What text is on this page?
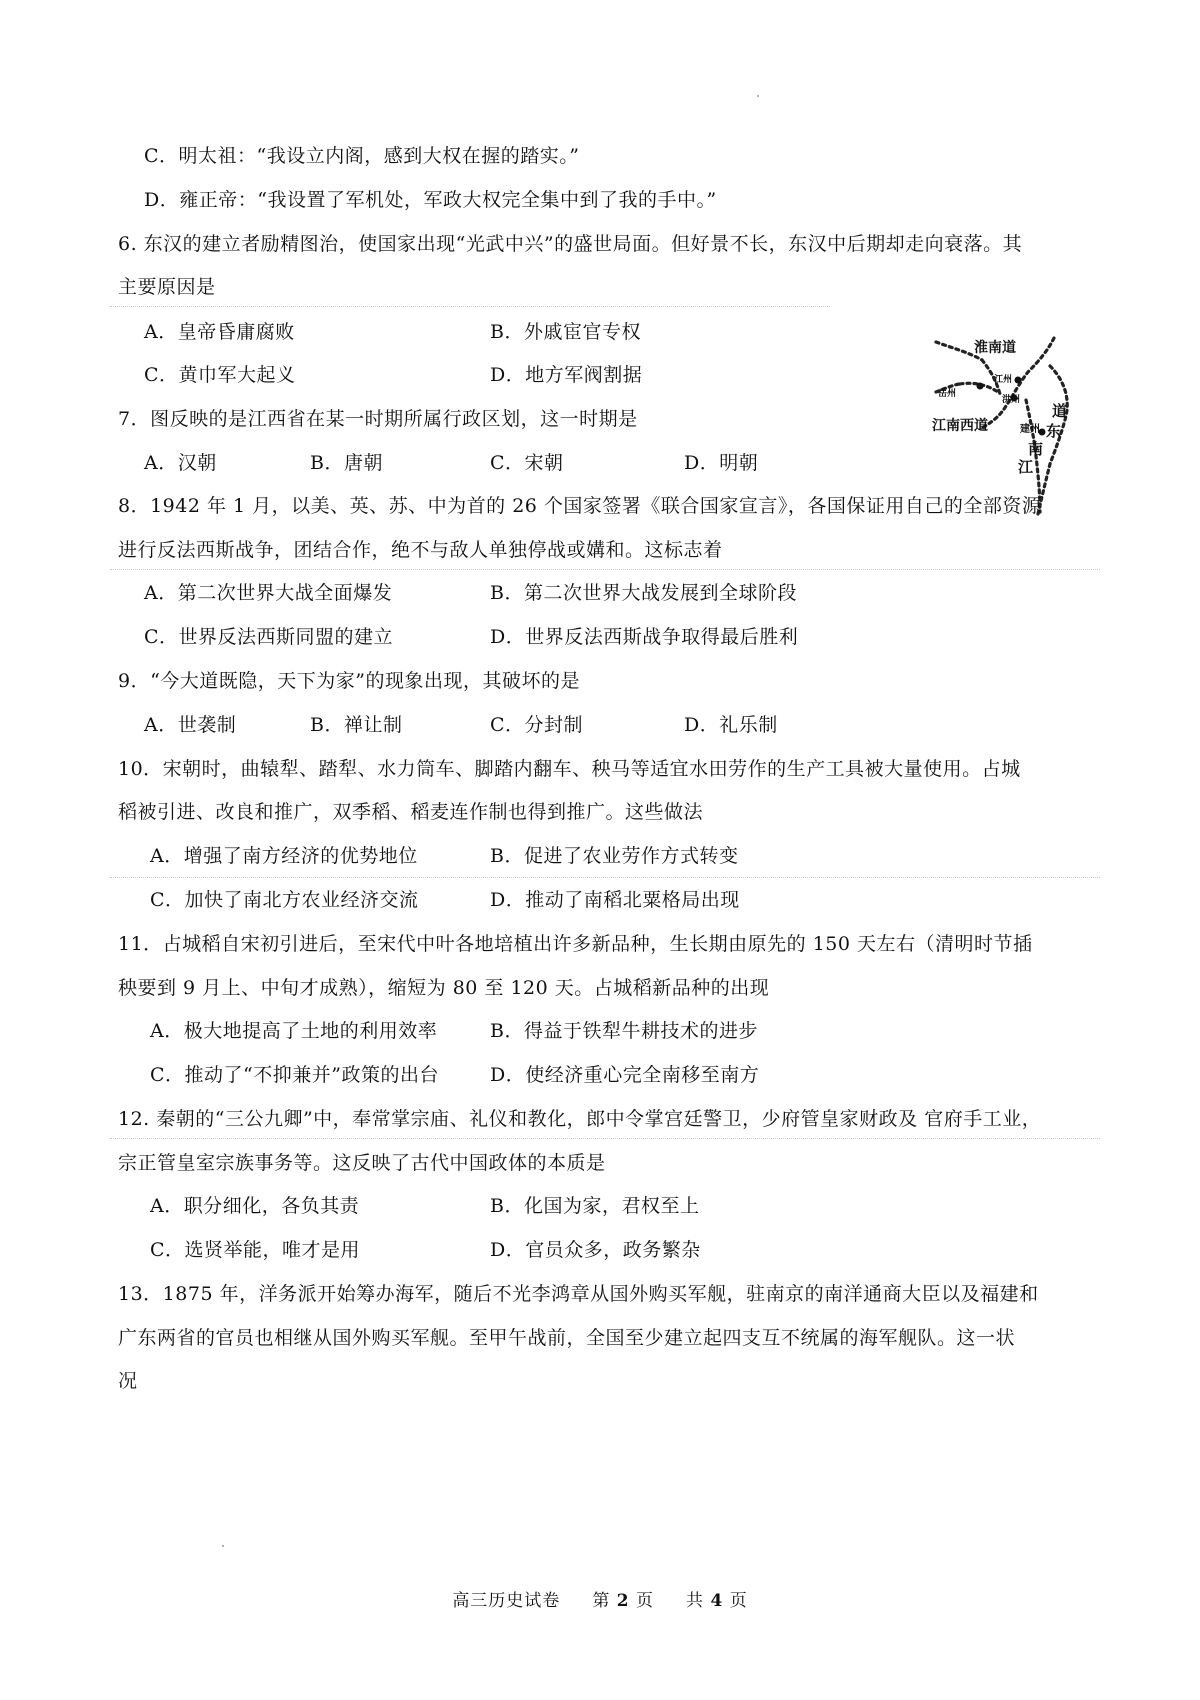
C．明太祖：“我设立内阁，感到大权在握的踏实。”
D．雍正帝：“我设置了军机处，军政大权完全集中到了我的手中。”
6. 东汉的建立者励精图治，使国家出现“光武中兴”的盛世局面。但好景不长，东汉中后期却走向衰落。其
主要原因是
A．皇帝昏庸腐败	B．外戚宦官专权
C．黄巾军大起义	D．地方军阀割据
7．图反映的是江西省在某一时期所属行政区划，这一时期是
A．汉朝	B．唐朝	C．宋朝	D．明朝
淮南道
岳州
江州
洪州
江南西道
道
建州 东
南
江
8．1942 年 1 月，以美、英、苏、中为首的 26 个国家签署《联合国家宣言》，各国保证用自己的全部资源
进行反法西斯战争，团结合作，绝不与敌人单独停战或媾和。这标志着
A．第二次世界大战全面爆发	B．第二次世界大战发展到全球阶段
C．世界反法西斯同盟的建立	D．世界反法西斯战争取得最后胜利
9．“今大道既隐，天下为家”的现象出现，其破坏的是
A．世袭制	B．禅让制	C．分封制	D．礼乐制
10．宋朝时，曲辕犁、踏犁、水力筒车、脚踏内翻车、秧马等适宜水田劳作的生产工具被大量使用。占城
稻被引进、改良和推广，双季稻、稻麦连作制也得到推广。这些做法
A．增强了南方经济的优势地位	B．促进了农业劳作方式转变
C．加快了南北方农业经济交流	D．推动了南稻北粟格局出现
11．占城稻自宋初引进后，至宋代中叶各地培植出许多新品种，生长期由原先的 150 天左右（清明时节插
秧要到 9 月上、中旬才成熟），缩短为 80 至 120 天。占城稻新品种的出现
A．极大地提高了土地的利用效率	B．得益于铁犁牛耕技术的进步
C．推动了“不抑兼并”政策的出台	D．使经济重心完全南移至南方
12. 秦朝的“三公九卿”中，奉常掌宗庙、礼仪和教化，郎中令掌宫廷警卫，少府管皇家财政及 官府手工业，
宗正管皇室宗族事务等。这反映了古代中国政体的本质是
A．职分细化，各负其责	B．化国为家，君权至上
C．选贤举能，唯才是用	D．官员众多，政务繁杂
13．1875 年，洋务派开始筹办海军，随后不光李鸿章从国外购买军舰，驻南京的南洋通商大臣以及福建和
广东两省的官员也相继从国外购买军舰。至甲午战前，全国至少建立起四支互不统属的海军舰队。这一状
况
高三历史试卷 第 2 页 共 4 页
